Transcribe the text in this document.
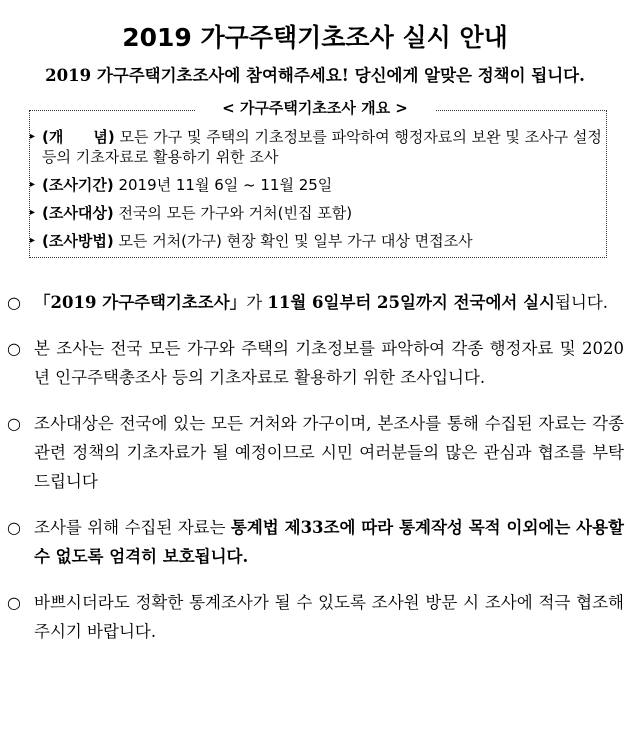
2019 가구주택기초조사 실시 안내
2019 가구주택기초조사에 참여해주세요! 당신에게 알맞은 정책이 됩니다.
< 가구주택기초조사 개요 >
▸ (개　　념) 모든 가구 및 주택의 기초정보를 파악하여 행정자료의 보완 및 조사구 설정 등의 기초자료로 활용하기 위한 조사
▸ (조사기간) 2019년 11월 6일 ~ 11월 25일
▸ (조사대상) 전국의 모든 가구와 거처(빈집 포함)
▸ (조사방법) 모든 거처(가구) 현장 확인 및 일부 가구 대상 면접조사
○ 「2019 가구주택기초조사」가 11월 6일부터 25일까지 전국에서 실시됩니다.
○ 본 조사는 전국 모든 가구와 주택의 기초정보를 파악하여 각종 행정자료 및 2020년 인구주택총조사 등의 기초자료로 활용하기 위한 조사입니다.
○ 조사대상은 전국에 있는 모든 거처와 가구이며, 본조사를 통해 수집된 자료는 각종 관련 정책의 기초자료가 될 예정이므로 시민 여러분들의 많은 관심과 협조를 부탁드립니다
○ 조사를 위해 수집된 자료는 통계법 제33조에 따라 통계작성 목적 이외에는 사용할 수 없도록 엄격히 보호됩니다.
○ 바쁘시더라도 정확한 통계조사가 될 수 있도록 조사원 방문 시 조사에 적극 협조해 주시기 바랍니다.
